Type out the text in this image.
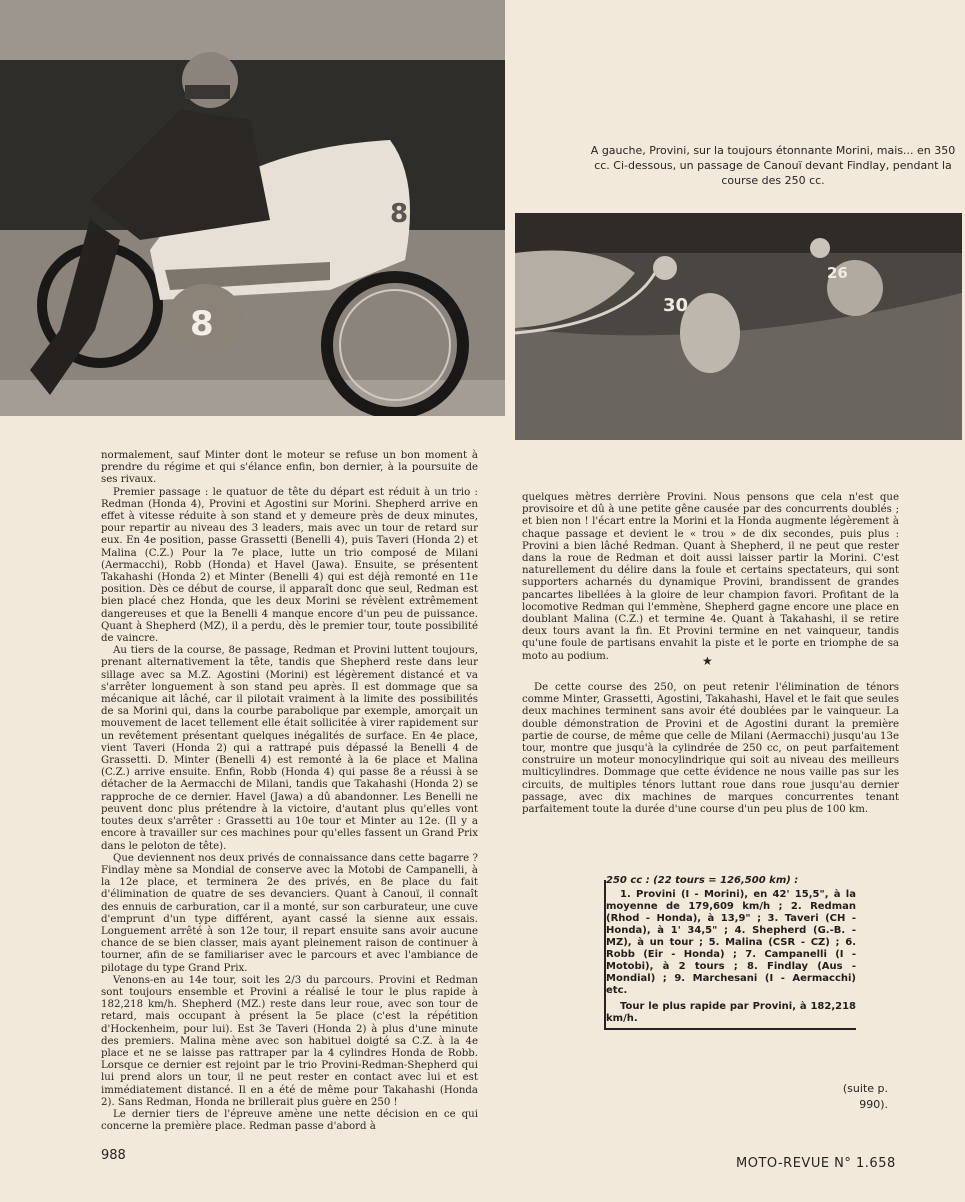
8
8
A gauche, Provini, sur la toujours étonnante Morini, mais... en 350 cc. Ci-dessous, un passage de Canouï devant Findlay, pendant la course des 250 cc.
30
26

normalement, sauf Minter dont le moteur se refuse un bon moment à prendre du régime et qui s'élance enfin, bon dernier, à la poursuite de ses rivaux.

Premier passage : le quatuor de tête du départ est réduit à un trio : Redman (Honda 4), Provini et Agostini sur Morini. Shepherd arrive en effet à vitesse réduite à son stand et y demeure près de deux minutes, pour repartir au niveau des 3 leaders, mais avec un tour de retard sur eux. En 4e position, passe Grassetti (Benelli 4), puis Taveri (Honda 2) et Malina (C.Z.) Pour la 7e place, lutte un trio composé de Milani (Aermacchi), Robb (Honda) et Havel (Jawa). Ensuite, se présentent Takahashi (Honda 2) et Minter (Benelli 4) qui est déjà remonté en 11e position. Dès ce début de course, il apparaît donc que seul, Redman est bien placé chez Honda, que les deux Morini se révèlent extrêmement dangereuses et que la Benelli 4 manque encore d'un peu de puissance. Quant à Shepherd (MZ), il a perdu, dès le premier tour, toute possibilité de vaincre.

Au tiers de la course, 8e passage, Redman et Provini luttent toujours, prenant alternativement la tête, tandis que Shepherd reste dans leur sillage avec sa M.Z. Agostini (Morini) est légèrement distancé et va s'arrêter longuement à son stand peu après. Il est dommage que sa mécanique ait lâché, car il pilotait vraiment à la limite des possibilités de sa Morini qui, dans la courbe parabolique par exemple, amorçait un mouvement de lacet tellement elle était sollicitée à virer rapidement sur un revêtement présentant quelques inégalités de surface. En 4e place, vient Taveri (Honda 2) qui a rattrapé puis dépassé la Benelli 4 de Grassetti. D. Minter (Benelli 4) est remonté à la 6e place et Malina (C.Z.) arrive ensuite. Enfin, Robb (Honda 4) qui passe 8e a réussi à se détacher de la Aermacchi de Milani, tandis que Takahashi (Honda 2) se rapproche de ce dernier. Havel (Jawa) a dû abandonner. Les Benelli ne peuvent donc plus prétendre à la victoire, d'autant plus qu'elles vont toutes deux s'arrêter : Grassetti au 10e tour et Minter au 12e. (Il y a encore à travailler sur ces machines pour qu'elles fassent un Grand Prix dans le peloton de tête).

Que deviennent nos deux privés de connaissance dans cette bagarre ? Findlay mène sa Mondial de conserve avec la Motobi de Campanelli, à la 12e place, et terminera 2e des privés, en 8e place du fait d'élimination de quatre de ses devanciers. Quant à Canouï, il connaît des ennuis de carburation, car il a monté, sur son carburateur, une cuve d'emprunt d'un type différent, ayant cassé la sienne aux essais. Longuement arrêté à son 12e tour, il repart ensuite sans avoir aucune chance de se bien classer, mais ayant pleinement raison de continuer à tourner, afin de se familiariser avec le parcours et avec l'ambiance de pilotage du type Grand Prix.

Venons-en au 14e tour, soit les 2/3 du parcours. Provini et Redman sont toujours ensemble et Provini a réalisé le tour le plus rapide à 182,218 km/h. Shepherd (MZ.) reste dans leur roue, avec son tour de retard, mais occupant à présent la 5e place (c'est la répétition d'Hockenheim, pour lui). Est 3e Taveri (Honda 2) à plus d'une minute des premiers. Malina mène avec son habituel doigté sa C.Z. à la 4e place et ne se laisse pas rattraper par la 4 cylindres Honda de Robb. Lorsque ce dernier est rejoint par le trio Provini-Redman-Shepherd qui lui prend alors un tour, il ne peut rester en contact avec lui et est immédiatement distancé. Il en a été de même pour Takahashi (Honda 2). Sans Redman, Honda ne brillerait plus guère en 250 !

Le dernier tiers de l'épreuve amène une nette décision en ce qui concerne la première place. Redman passe d'abord à

quelques mètres derrière Provini. Nous pensons que cela n'est que provisoire et dû à une petite gêne causée par des concurrents doublés ; et bien non ! l'écart entre la Morini et la Honda augmente légèrement à chaque passage et devient le « trou » de dix secondes, puis plus : Provini a bien lâché Redman. Quant à Shepherd, il ne peut que rester dans la roue de Redman et doit aussi laisser partir la Morini. C'est naturellement du délire dans la foule et certains spectateurs, qui sont supporters acharnés du dynamique Provini, brandissent de grandes pancartes libellées à la gloire de leur champion favori. Profitant de la locomotive Redman qui l'emmène, Shepherd gagne encore une place en doublant Malina (C.Z.) et termine 4e. Quant à Takahashi, il se retire deux tours avant la fin. Et Provini termine en net vainqueur, tandis qu'une foule de partisans envahit la piste et le porte en triomphe de sa moto au podium.	★

De cette course des 250, on peut retenir l'élimination de ténors comme Minter, Grassetti, Agostini, Takahashi, Havel et le fait que seules deux machines terminent sans avoir été doublées par le vainqueur. La double démonstration de Provini et de Agostini durant la première partie de course, de même que celle de Milani (Aermacchi) jusqu'au 13e tour, montre que jusqu'à la cylindrée de 250 cc, on peut parfaitement construire un moteur monocylindrique qui soit au niveau des meilleurs multicylindres. Dommage que cette évidence ne nous vaille pas sur les circuits, de multiples ténors luttant roue dans roue jusqu'au dernier passage, avec dix machines de marques concurrentes tenant parfaitement toute la durée d'une course d'un peu plus de 100 km.

250 cc : (22 tours = 126,500 km) :

1. Provini (I - Morini), en 42' 15,5", à la moyenne de 179,609 km/h ; 2. Redman (Rhod - Honda), à 13,9" ; 3. Taveri (CH - Honda), à 1' 34,5" ; 4. Shepherd (G.-B. - MZ), à un tour ; 5. Malina (CSR - CZ) ; 6. Robb (Eir - Honda) ; 7. Campanelli (I - Motobi), à 2 tours ; 8. Findlay (Aus - Mondial) ; 9. Marchesani (I - Aermacchi) etc.

Tour le plus rapide par Provini, à 182,218 km/h.

(suite p. 990).
988
MOTO-REVUE N° 1.658
